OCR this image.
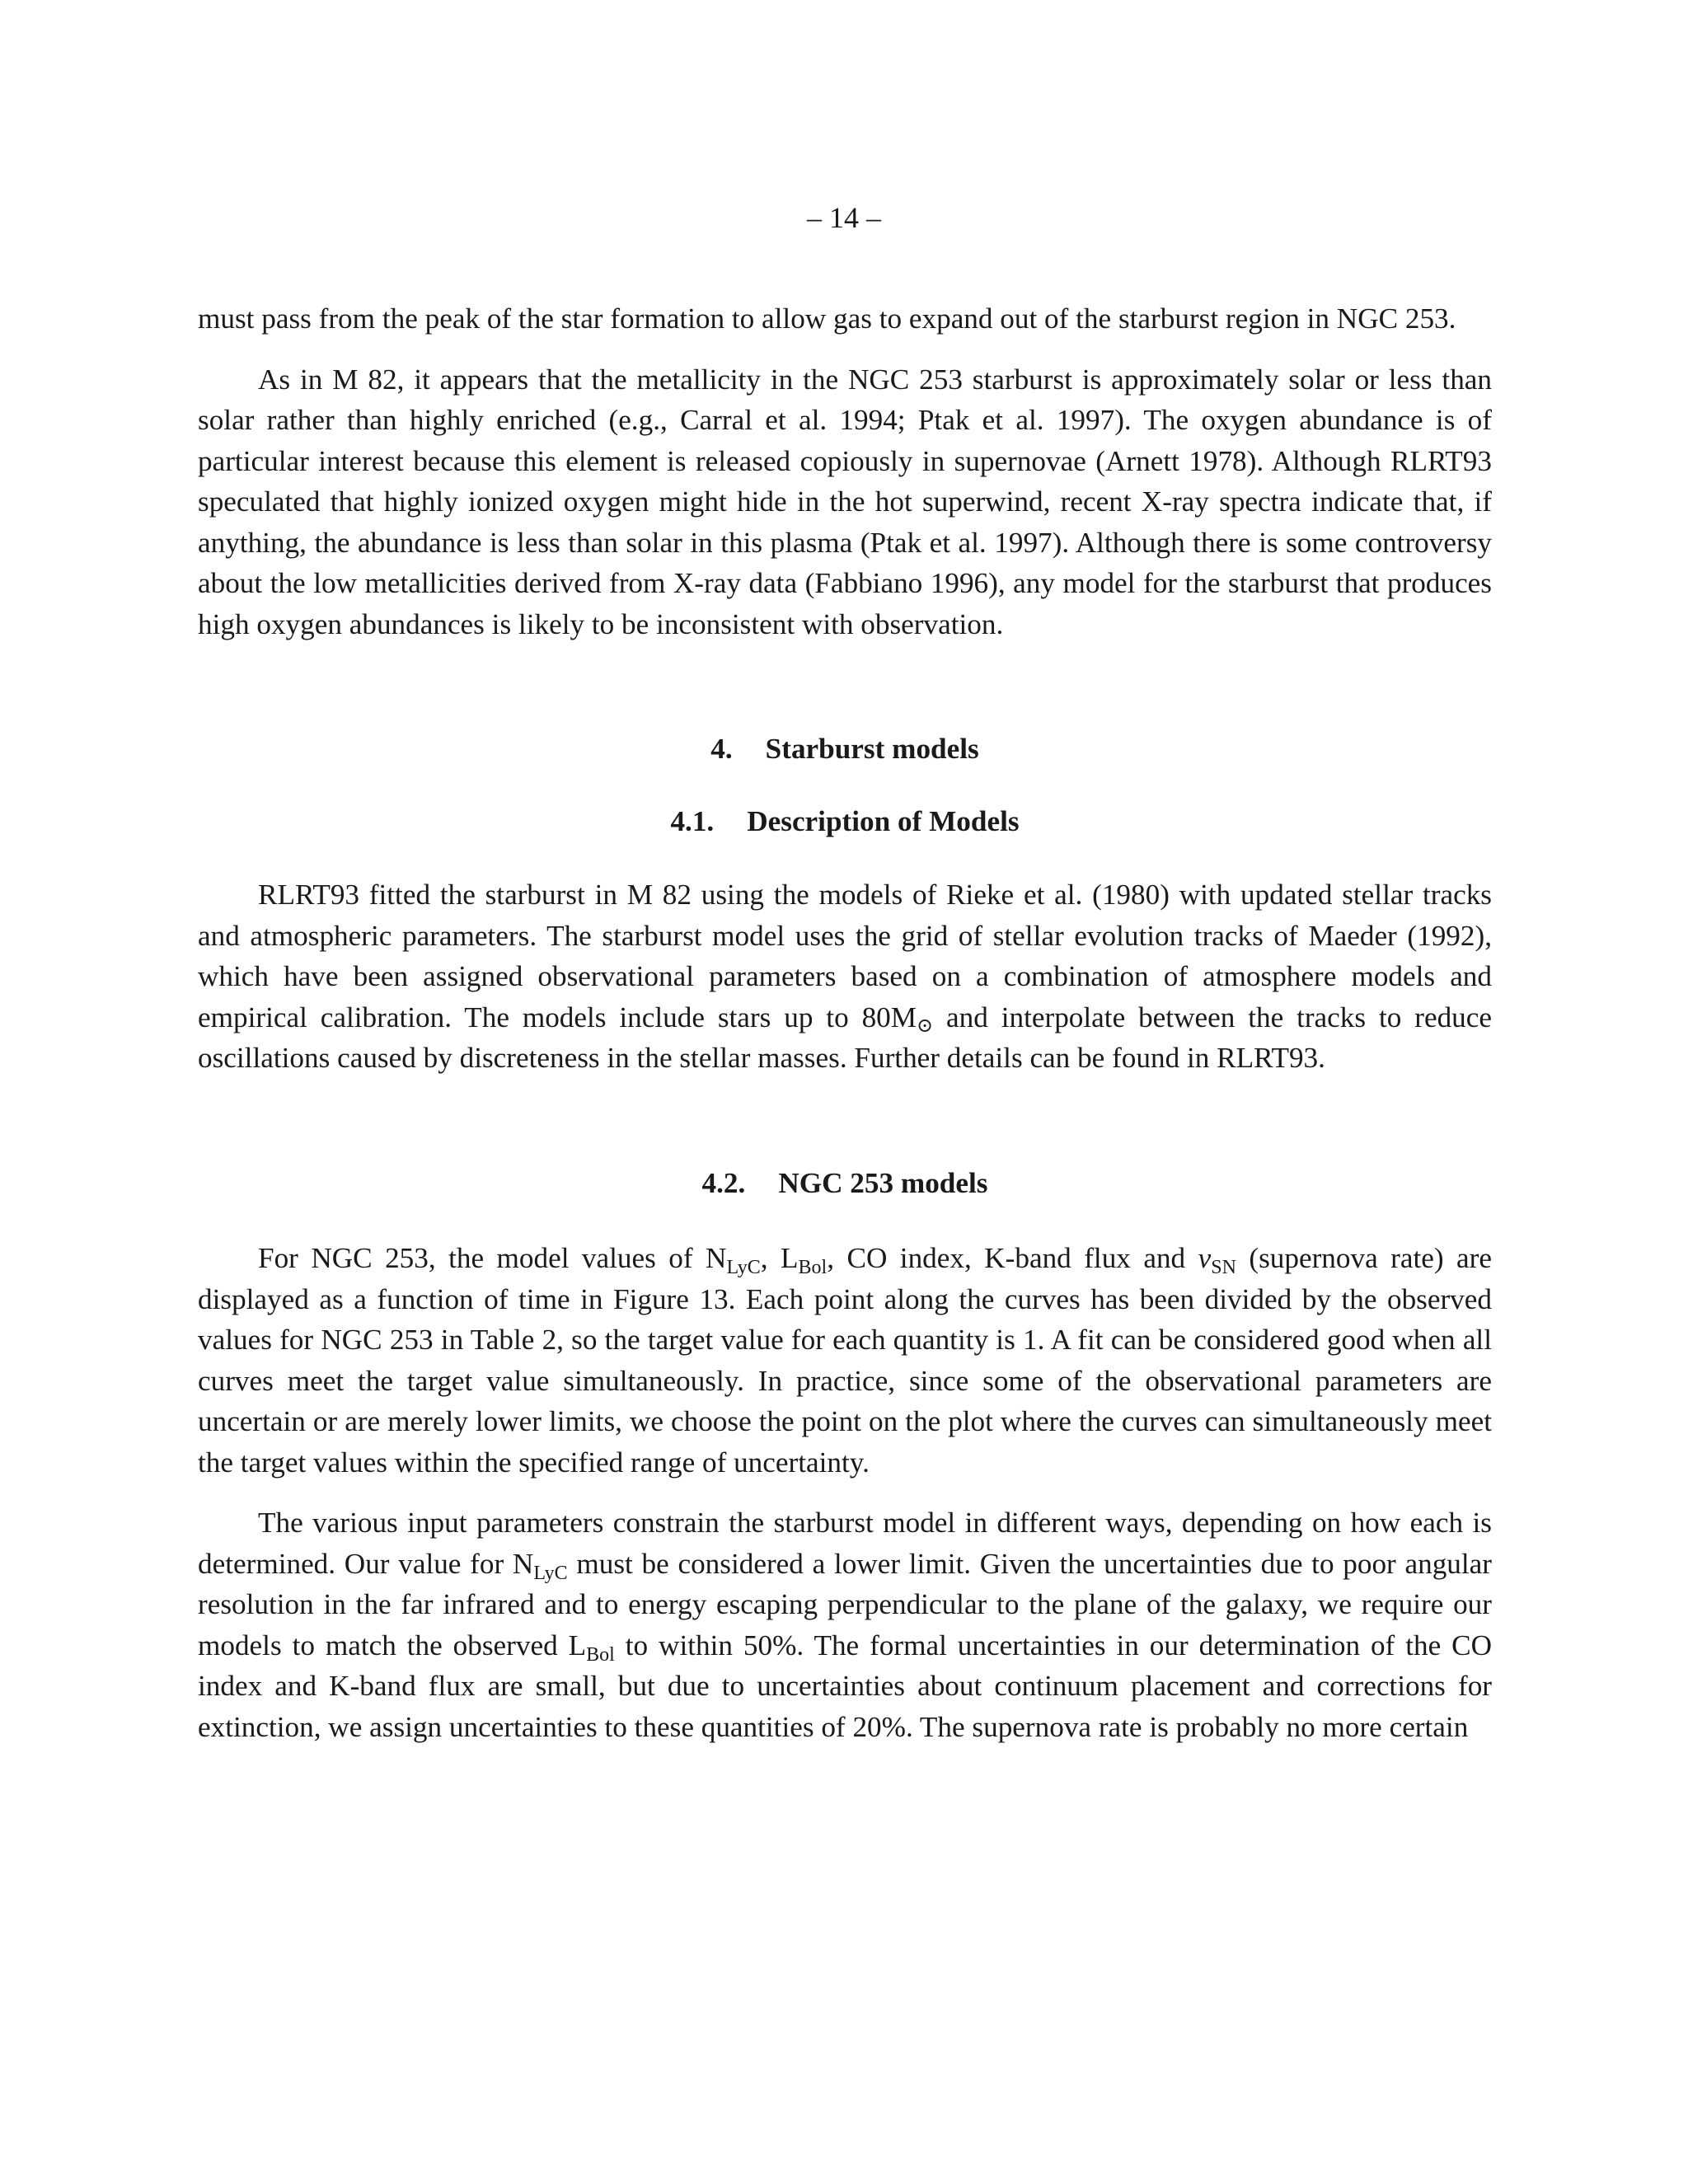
– 14 –

must pass from the peak of the star formation to allow gas to expand out of the starburst region in NGC 253.

As in M 82, it appears that the metallicity in the NGC 253 starburst is approximately solar or less than solar rather than highly enriched (e.g., Carral et al. 1994; Ptak et al. 1997). The oxygen abundance is of particular interest because this element is released copiously in supernovae (Arnett 1978). Although RLRT93 speculated that highly ionized oxygen might hide in the hot superwind, recent X-ray spectra indicate that, if anything, the abundance is less than solar in this plasma (Ptak et al. 1997). Although there is some controversy about the low metallicities derived from X-ray data (Fabbiano 1996), any model for the starburst that produces high oxygen abundances is likely to be inconsistent with observation.

4. Starburst models
4.1. Description of Models

RLRT93 fitted the starburst in M 82 using the models of Rieke et al. (1980) with updated stellar tracks and atmospheric parameters. The starburst model uses the grid of stellar evolution tracks of Maeder (1992), which have been assigned observational parameters based on a combination of atmosphere models and empirical calibration. The models include stars up to 80M⊙ and interpolate between the tracks to reduce oscillations caused by discreteness in the stellar masses. Further details can be found in RLRT93.

4.2. NGC 253 models

For NGC 253, the model values of $N_{LyC}$, $L_{Bol}$, CO index, K-band flux and $\nu_{SN}$ (supernova rate) are displayed as a function of time in Figure 13. Each point along the curves has been divided by the observed values for NGC 253 in Table 2, so the target value for each quantity is 1. A fit can be considered good when all curves meet the target value simultaneously. In practice, since some of the observational parameters are uncertain or are merely lower limits, we choose the point on the plot where the curves can simultaneously meet the target values within the specified range of uncertainty.

The various input parameters constrain the starburst model in different ways, depending on how each is determined. Our value for $N_{LyC}$ must be considered a lower limit. Given the uncertainties due to poor angular resolution in the far infrared and to energy escaping perpendicular to the plane of the galaxy, we require our models to match the observed $L_{Bol}$ to within 50%. The formal uncertainties in our determination of the CO index and K-band flux are small, but due to uncertainties about continuum placement and corrections for extinction, we assign uncertainties to these quantities of 20%. The supernova rate is probably no more certain
